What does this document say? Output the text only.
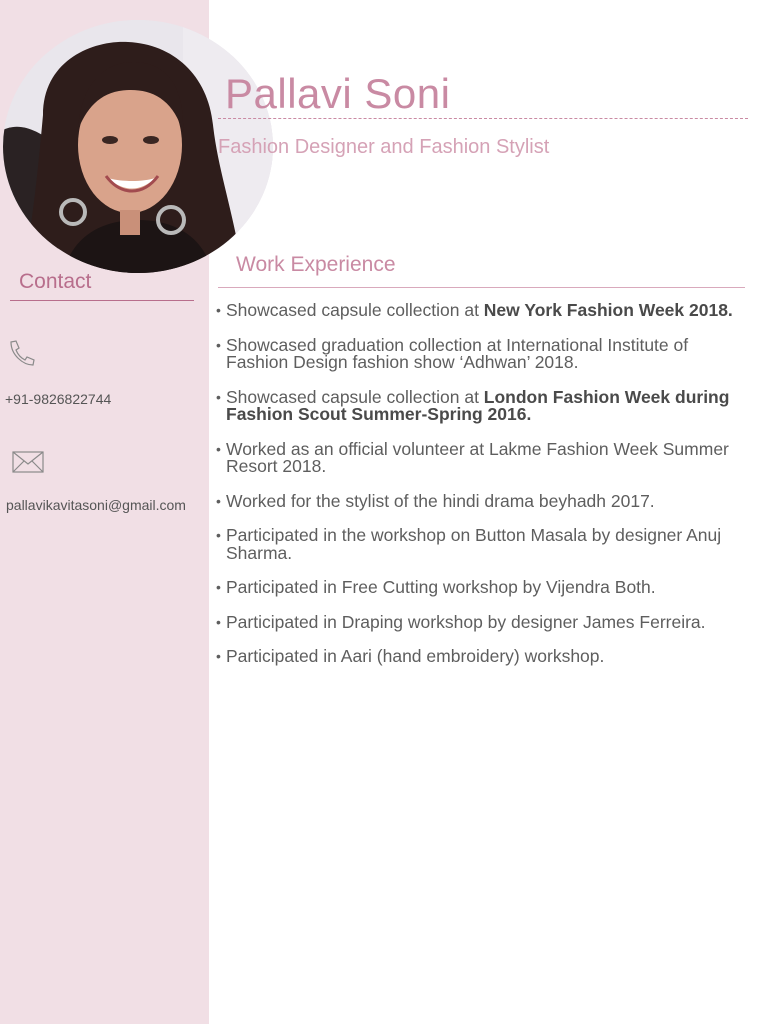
Pallavi Soni
Fashion Designer and Fashion Stylist
Contact
+91-9826822744
pallavikavitasoni@gmail.com
Work Experience
• Showcased capsule collection at New York Fashion Week 2018.
• Showcased graduation collection at International Institute of Fashion Design fashion show ‘Adhwan’ 2018.
• Showcased capsule collection at London Fashion Week during Fashion Scout Summer-Spring 2016.
• Worked as an official volunteer at Lakme Fashion Week Summer Resort 2018.
• Worked for the stylist of the hindi drama beyhadh 2017.
• Participated in the workshop on Button Masala by designer Anuj Sharma.
• Participated in Free Cutting workshop by Vijendra Both.
• Participated in Draping workshop by designer James Ferreira.
• Participated in Aari (hand embroidery) workshop.
